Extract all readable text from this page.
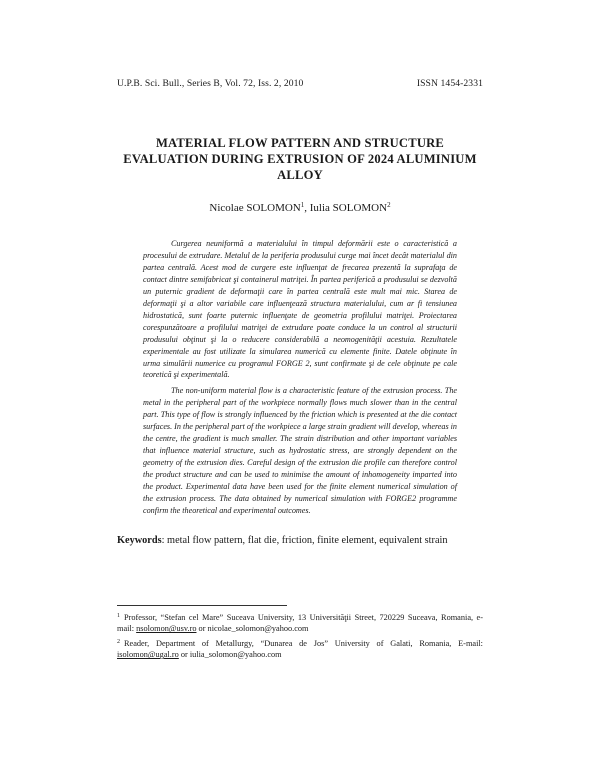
U.P.B. Sci. Bull., Series B, Vol. 72, Iss. 2, 2010	ISSN 1454-2331
MATERIAL FLOW PATTERN AND STRUCTURE
EVALUATION DURING EXTRUSION OF 2024 ALUMINIUM
ALLOY
Nicolae SOLOMON$^1$, Iulia SOLOMON$^2$

Curgerea neuniformă a materialului în timpul deformării este o caracteristică a procesului de extrudare. Metalul de la periferia produsului curge mai încet decât materialul din partea centrală. Acest mod de curgere este influenţat de frecarea prezentă la suprafaţa de contact dintre semifabricat şi containerul matriţei. În partea periferică a produsului se dezvoltă un puternic gradient de deformaţii care în partea centrală este mult mai mic. Starea de deformaţii şi a altor variabile care influenţează structura materialului, cum ar fi tensiunea hidrostatică, sunt foarte puternic influenţate de geometria profilului matriţei. Proiectarea corespunzătoare a profilului matriţei de extrudare poate conduce la un control al structurii produsului obţinut şi la o reducere considerabilă a neomogenităţii acestuia. Rezultatele experimentale au fost utilizate la simularea numerică cu elemente finite. Datele obţinute în urma simulării numerice cu programul FORGE 2, sunt confirmate şi de cele obţinute pe cale teoretică şi experimentală.

The non-uniform material flow is a characteristic feature of the extrusion process. The metal in the peripheral part of the workpiece normally flows much slower than in the central part. This type of flow is strongly influenced by the friction which is presented at the die contact surfaces. In the peripheral part of the workpiece a large strain gradient will develop, whereas in the centre, the gradient is much smaller. The strain distribution and other important variables that influence material structure, such as hydrostatic stress, are strongly dependent on the geometry of the extrusion dies. Careful design of the extrusion die profile can therefore control the product structure and can be used to minimise the amount of inhomogeneity imparted into the product. Experimental data have been used for the finite element numerical simulation of the extrusion process. The data obtained by numerical simulation with FORGE2 programme confirm the theoretical and experimental outcomes.

Keywords: metal flow pattern, flat die, friction, finite element, equivalent strain

$^1$ Professor, “Stefan cel Mare” Suceava University, 13 Universităţii Street, 720229 Suceava, Romania, e-mail: nsolomon@usv.ro or nicolae_solomon@yahoo.com

$^2$ Reader, Department of Metallurgy, “Dunarea de Jos” University of Galati, Romania, E-mail: isolomon@ugal.ro or iulia_solomon@yahoo.com
